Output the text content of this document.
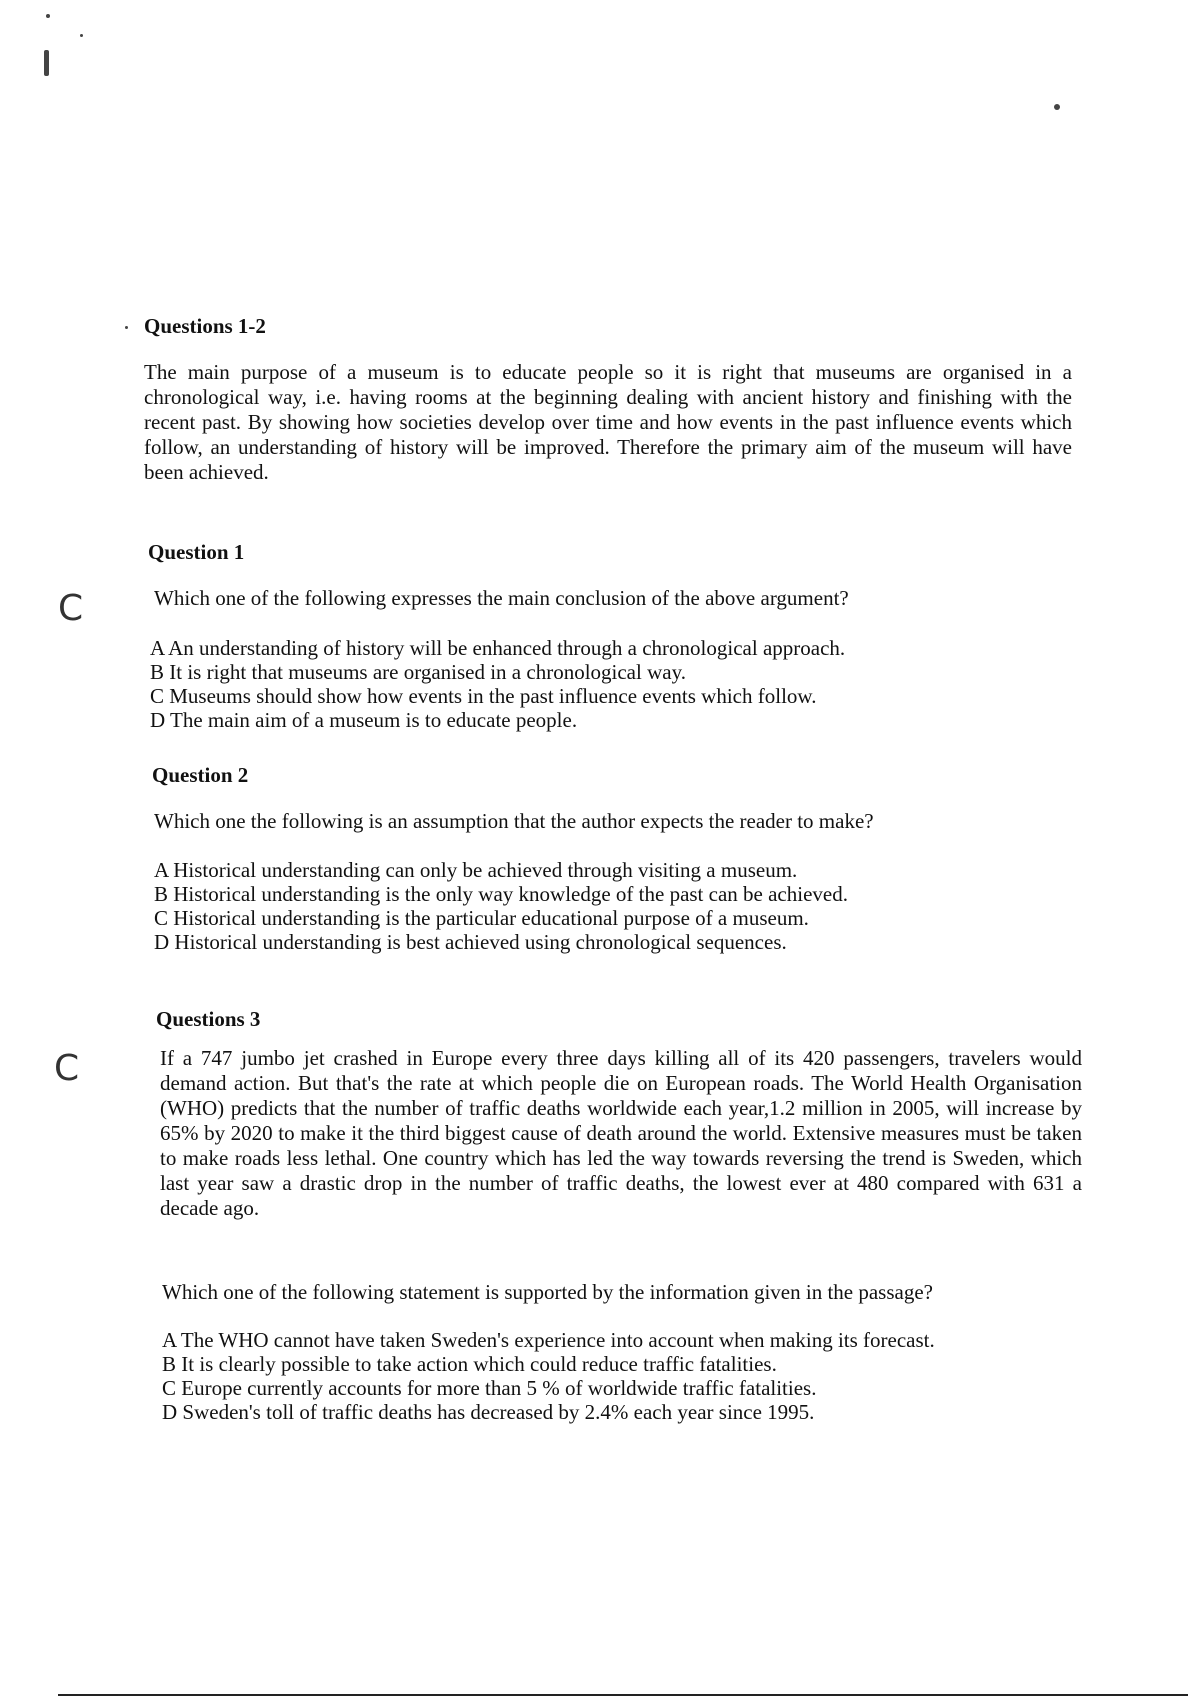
Questions 1-2
The main purpose of a museum is to educate people so it is right that museums are organised in a chronological way, i.e. having rooms at the beginning dealing with ancient history and finishing with the recent past. By showing how societies develop over time and how events in the past influence events which follow, an understanding of history will be improved. Therefore the primary aim of the museum will have been achieved.
Question 1
C	Which one of the following expresses the main conclusion of the above argument?
A An understanding of history will be enhanced through a chronological approach.
B It is right that museums are organised in a chronological way.
C Museums should show how events in the past influence events which follow.
D The main aim of a museum is to educate people.
Question 2
Which one the following is an assumption that the author expects the reader to make?
A Historical understanding can only be achieved through visiting a museum.
B Historical understanding is the only way knowledge of the past can be achieved.
C Historical understanding is the particular educational purpose of a museum.
D Historical understanding is best achieved using chronological sequences.
Questions 3
C	If a 747 jumbo jet crashed in Europe every three days killing all of its 420 passengers, travelers would demand action. But that's the rate at which people die on European roads. The World Health Organisation (WHO) predicts that the number of traffic deaths worldwide each year,1.2 million in 2005, will increase by 65% by 2020 to make it the third biggest cause of death around the world. Extensive measures must be taken to make roads less lethal. One country which has led the way towards reversing the trend is Sweden, which last year saw a drastic drop in the number of traffic deaths, the lowest ever at 480 compared with 631 a decade ago.
Which one of the following statement is supported by the information given in the passage?
A The WHO cannot have taken Sweden's experience into account when making its forecast.
B It is clearly possible to take action which could reduce traffic fatalities.
C Europe currently accounts for more than 5 % of worldwide traffic fatalities.
D Sweden's toll of traffic deaths has decreased by 2.4% each year since 1995.
